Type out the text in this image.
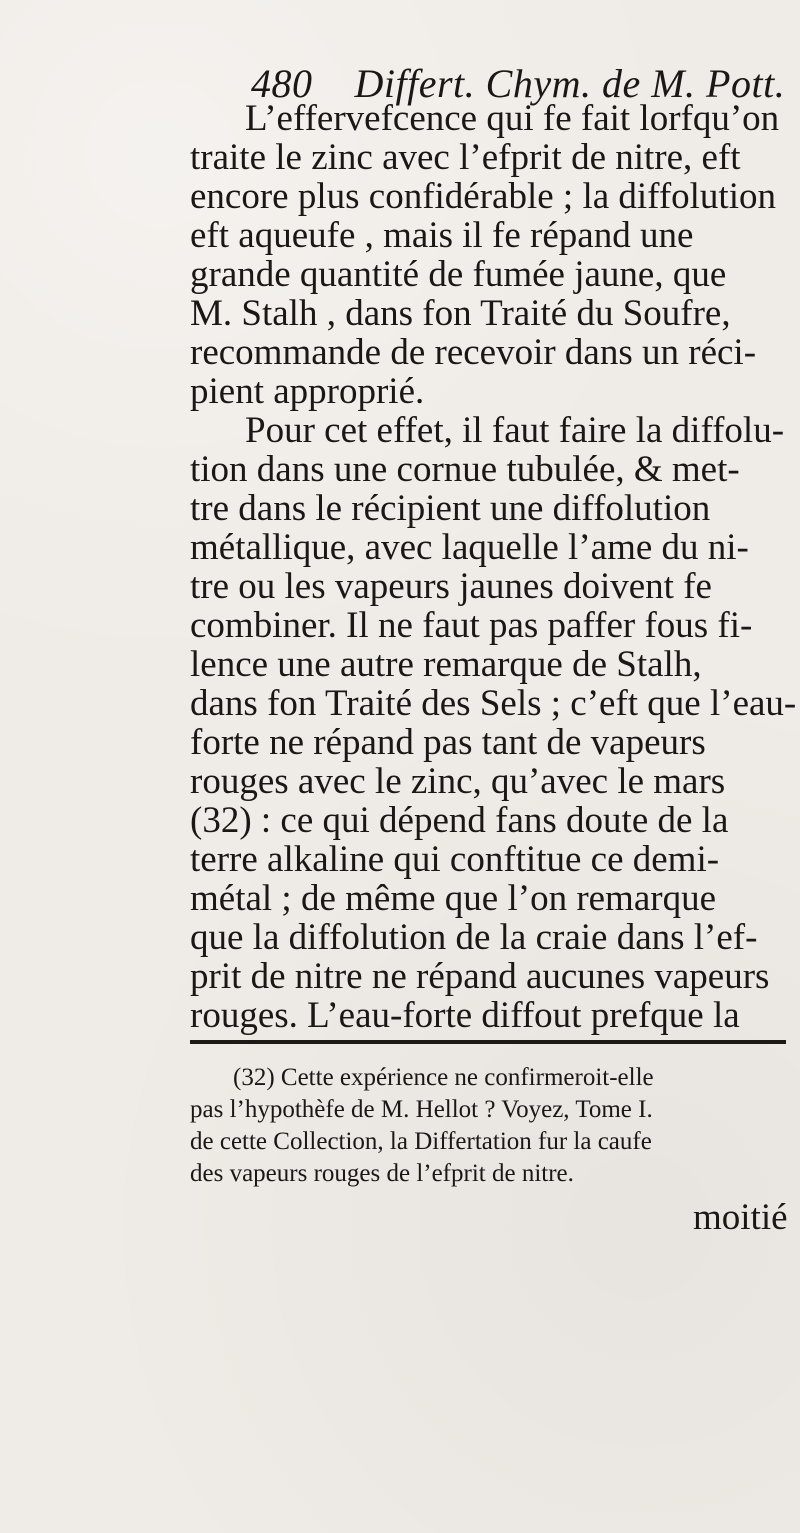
480 Differt. Chym. de M. Pott.
L’effervefcence qui fe fait lorfqu’on
traite le zinc avec l’efprit de nitre, eft
encore plus confidérable ; la diffolution
eft aqueufe , mais il fe répand une
grande quantité de fumée jaune, que
M. Stalh , dans fon Traité du Soufre,
recommande de recevoir dans un réci-
pient approprié.
Pour cet effet, il faut faire la diffolu-
tion dans une cornue tubulée, & met-
tre dans le récipient une diffolution
métallique, avec laquelle l’ame du ni-
tre ou les vapeurs jaunes doivent fe
combiner. Il ne faut pas paffer fous fi-
lence une autre remarque de Stalh,
dans fon Traité des Sels ; c’eft que l’eau-
forte ne répand pas tant de vapeurs
rouges avec le zinc, qu’avec le mars
(32) : ce qui dépend fans doute de la
terre alkaline qui conftitue ce demi-
métal ; de même que l’on remarque
que la diffolution de la craie dans l’ef-
prit de nitre ne répand aucunes vapeurs
rouges. L’eau-forte diffout prefque la
(32) Cette expérience ne confirmeroit-elle
pas l’hypothèfe de M. Hellot ? Voyez, Tome I.
de cette Collection, la Differtation fur la caufe
des vapeurs rouges de l’efprit de nitre.
moitié
